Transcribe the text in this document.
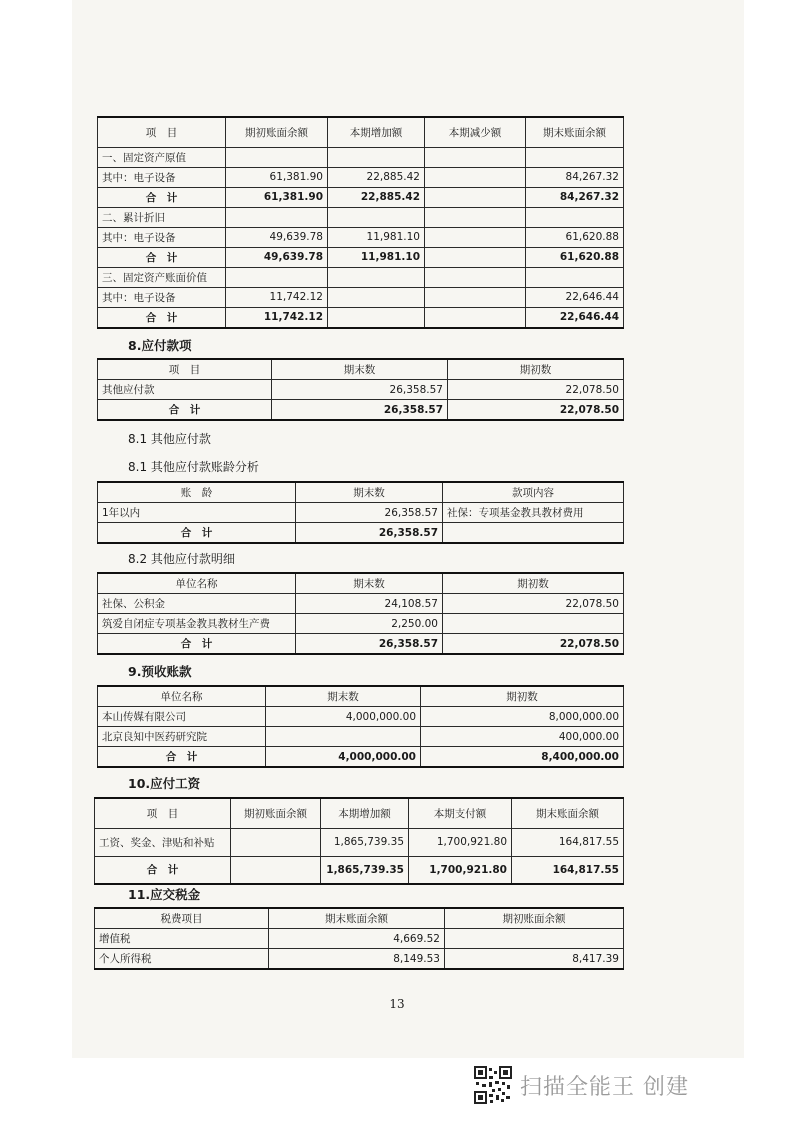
项　目	期初账面余额	本期增加额	本期减少额	期末账面余额
一、固定资产原值				
其中：电子设备	61,381.90	22,885.42		84,267.32
合　计	61,381.90	22,885.42		84,267.32
二、累计折旧				
其中：电子设备	49,639.78	11,981.10		61,620.88
合　计	49,639.78	11,981.10		61,620.88
三、固定资产账面价值				
其中：电子设备	11,742.12			22,646.44
合　计	11,742.12			22,646.44
8.应付款项
项　目	期末数	期初数
其他应付款	26,358.57	22,078.50
合　计	26,358.57	22,078.50
8.1 其他应付款
8.1 其他应付款账龄分析
账　龄	期末数	款项内容
1年以内	26,358.57	社保：专项基金教具教材费用
合　计	26,358.57	
8.2 其他应付款明细
单位名称	期末数	期初数
社保、公积金	24,108.57	22,078.50
筑爱自闭症专项基金教具教材生产费	2,250.00	
合　计	26,358.57	22,078.50
9.预收账款
单位名称	期末数	期初数
本山传媒有限公司	4,000,000.00	8,000,000.00
北京良知中医药研究院		400,000.00
合　计	4,000,000.00	8,400,000.00
10.应付工资
项　目	期初账面余额	本期增加额	本期支付额	期末账面余额
工资、奖金、津贴和补贴		1,865,739.35	1,700,921.80	164,817.55
合　计		1,865,739.35	1,700,921.80	164,817.55
11.应交税金
税费项目	期末账面余额	期初账面余额
增值税	4,669.52	
个人所得税	8,149.53	8,417.39
13
扫描全能王 创建
